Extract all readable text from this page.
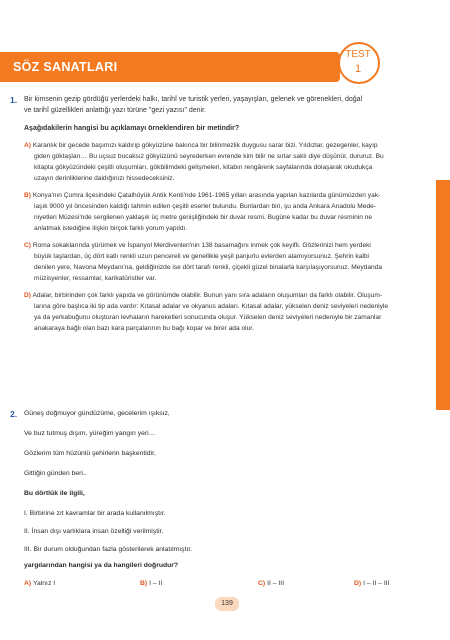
SÖZ SANATLARI
TEST
1
BECERİ TEMELLİ SORULAR
1. Bir kimsenin gezip gördüğü yerlerdeki halkı, tarihî ve turistik yerleri, yaşayışları, gelenek ve görenekleri, doğal
ve tarihî güzellikleri anlattığı yazı türüne "gezi yazısı" denir.
Aşağıdakilerin hangisi bu açıklamayı örneklendiren bir metindir?
A) Karanlık bir gecede başımızı kaldırıp gökyüzüne bakınca bir bilinmezlik duygusu sarar bizi. Yıldızlar, gezegenler, kayıp
giden göktaşları… Bu uçsuz bucaksız gökyüzünü seyrederken evrende kim bilir ne sırlar saklı diye düşünür, dururuz. Bu
kitapta gökyüzündeki çeşitli oluşumları, gökbilimdeki gelişmeleri, kitabın rengârenk sayfalarında dolaşarak okudukça
uzayın derinliklerine daldığınızı hissedeceksiniz.
B) Konya'nın Çumra ilçesindeki Çatalhöyük Antik Kenti'nde 1961-1965 yılları arasında yapılan kazılarda günümüzden yak-
laşık 9000 yıl öncesinden kaldığı tahmin edilen çeşitli eserler bulundu. Bunlardan biri, şu anda Ankara Anadolu Mede-
niyetleri Müzesi'nde sergilenen yaklaşık üç metre genişliğindeki bir duvar resmi. Bugüne kadar bu duvar resminin ne
anlatmak istediğine ilişkin birçok farklı yorum yapıldı.
C) Roma sokaklarında yürümek ve İspanyol Merdivenleri'nin 138 basamağını inmek çok keyifli. Gözlerinizi hem yerdeki
büyük taşlardan, üç dört katlı renkli uzun pencereli ve genellikle yeşil panjurlu evlerden alamıyorsunuz. Şehrin kalbi
denilen yere, Navona Meydanı'na, geldiğinizde ise dört tarafı renkli, çiçekli güzel binalarla karşılaşıyorsunuz. Meydanda
müzisyenler, ressamlar, karikatüristler var.
D) Adalar, birbirinden çok farklı yapıda ve görünümde olabilir. Bunun yanı sıra adaların oluşumları da farklı olabilir. Oluşum-
larına göre başlıca iki tip ada vardır: Kıtasal adalar ve okyanus adaları. Kıtasal adalar, yükselen deniz seviyeleri nedeniyle
ya da yerkabuğunu oluşturan levhaların hareketleri sonucunda oluşur. Yükselen deniz seviyeleri nedeniyle bir zamanlar
anakaraya bağlı olan bazı kara parçalarının bu bağı kopar ve birer ada olur.
2. Güneş doğmuyor gündüzüme, gecelerim ışıksız,
Ve buz tutmuş dışım, yüreğim yangın yeri…
Gözlerim tüm hüzünlü şehirlerin başkentidir,
Gittiğin günden beri..
Bu dörtlük ile ilgili,
I. Birbirine zıt kavramlar bir arada kullanılmıştır.
II. İnsan dışı varlıklara insan özelliği verilmiştir.
III. Bir durum olduğundan fazla gösterilerek anlatılmıştır.
yargılarından hangisi ya da hangileri doğrudur?
A) Yalnız I	B) I – II	C) II – III	D) I – II – III
139
